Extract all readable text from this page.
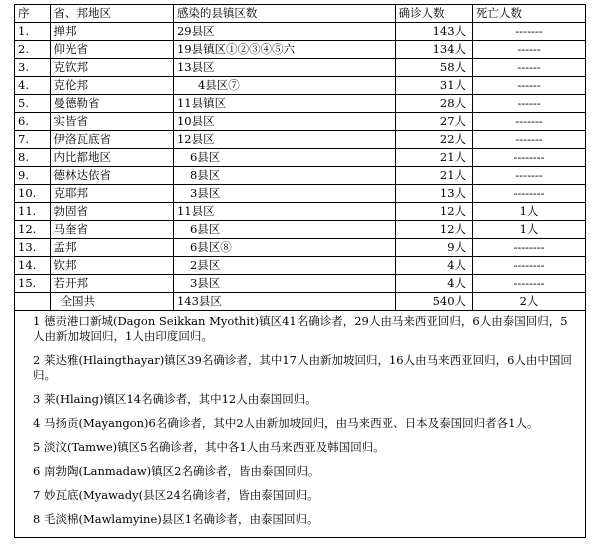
序	省、邦地区	感染的县镇区数	确诊人数	死亡人数
1.	掸邦	29县区	143人	-------
2.	仰光省	19县镇区①②③④⑤六	134人	------
3.	克钦邦	13县区	58人	------
4.	克伦邦	4县区⑦	31人	------
5.	曼德勒省	11县镇区	28人	------
6.	实皆省	10县区	27人	-------
7.	伊洛瓦底省	12县区	22人	-------
8.	内比都地区	6县区	21人	--------
9.	德林达依省	8县区	21人	-------
10.	克耶邦	3县区	13人	--------
11.	勃固省	11县区	12人	1人
12.	马奎省	6县区	12人	1人
13.	孟邦	6县区⑧	9人	--------
14.	钦邦	2县区	4人	--------
15.	若开邦	3县区	4人	--------
	全国共	143县区	540人	2人
1 德贡港口新城(Dagon Seikkan Myothit)镇区41名确诊者，29人由马来西亚回归，6人由泰国回归，5人由新加坡回归，1人由印度回归。
2 莱达雅(Hlaingthayar)镇区39名确诊者，其中17人由新加坡回归，16人由马来西亚回归，6人由中国回归。
3 莱(Hlaing)镇区14名确诊者，其中12人由泰国回归。
4 马扬贡(Mayangon)6名确诊者，其中2人由新加坡回归，由马来西亚、日本及泰国回归者各1人。
5 淡汶(Tamwe)镇区5名确诊者，其中各1人由马来西亚及韩国回归。
6 南勃陶(Lanmadaw)镇区2名确诊者，皆由泰国回归。
7 妙瓦底(Myawady(县区24名确诊者，皆由泰国回归。
8 毛淡棉(Mawlamyine)县区1名确诊者，由泰国回归。
